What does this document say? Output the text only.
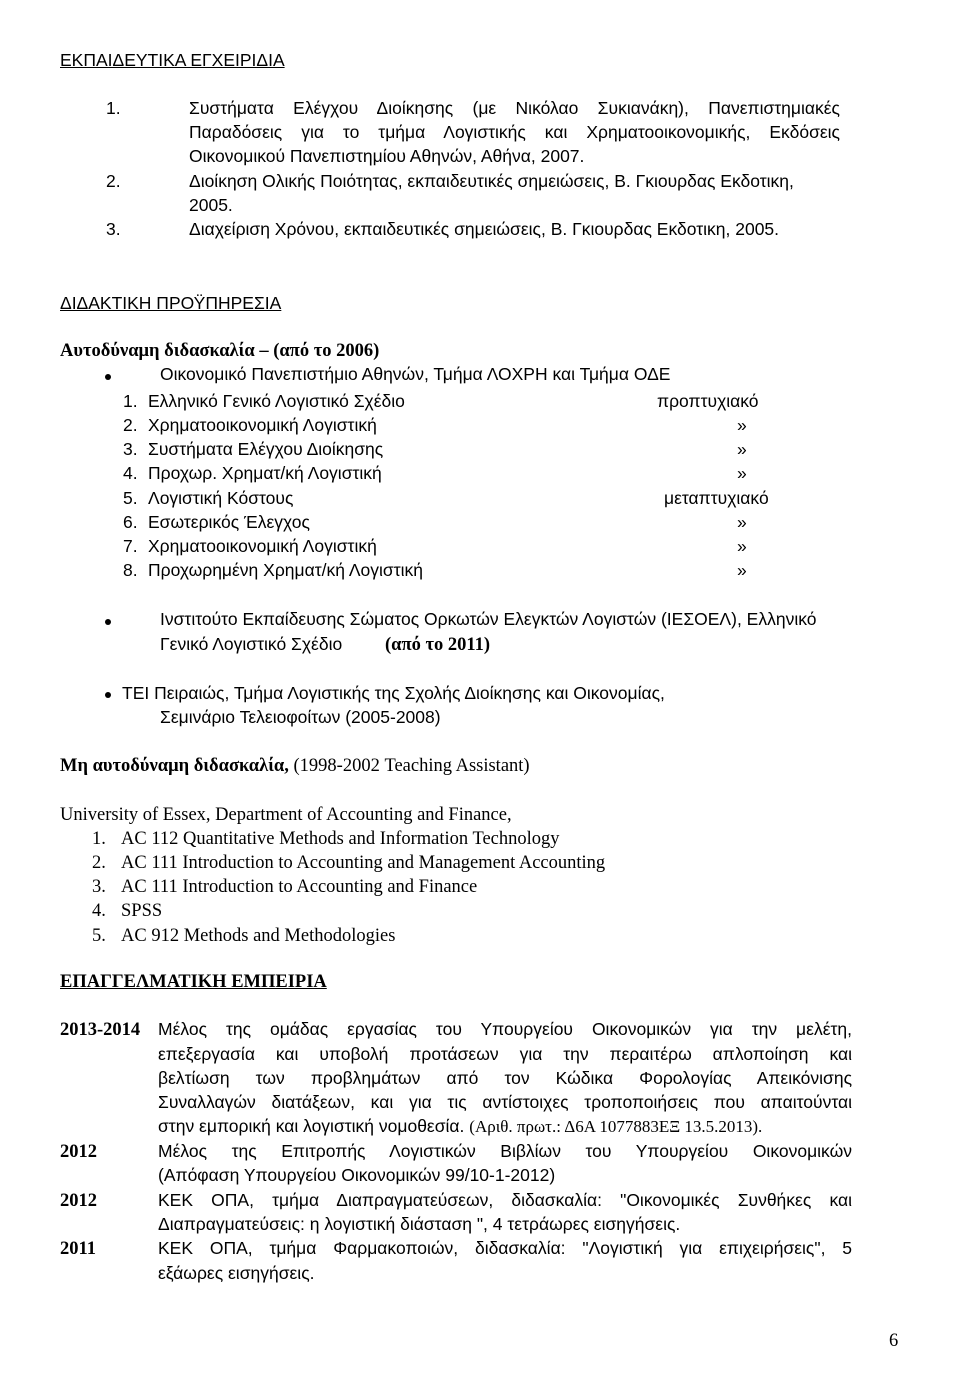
ΕΚΠΑΙΔΕΥΤΙΚΑ ΕΓΧΕΙΡΙΔΙΑ
1.	Συστήματα Ελέγχου Διοίκησης (με Νικόλαο Συκιανάκη), Πανεπιστημιακές
Παραδόσεις για το τμήμα Λογιστικής και Χρηματοοικονομικής, Εκδόσεις
Οικονομικού Πανεπιστημίου Αθηνών, Αθήνα, 2007.
2.	Διοίκηση Ολικής Ποιότητας, εκπαιδευτικές σημειώσεις, Β. Γκιουρδας Εκδοτικη,
2005.
3.	Διαχείριση Χρόνου, εκπαιδευτικές σημειώσεις, Β. Γκιουρδας Εκδοτικη, 2005.
ΔΙΔΑΚΤΙΚΗ ΠΡΟΫΠΗΡΕΣΙΑ
Αυτοδύναμη διδασκαλία – (από το 2006)
Οικονομικό Πανεπιστήμιο Αθηνών, Τμήμα ΛΟΧΡΗ και Τμήμα ΟΔΕ
1. Ελληνικό Γενικό Λογιστικό Σχέδιο	προπτυχιακό
2. Χρηματοοικονομική Λογιστική	»
3. Συστήματα Ελέγχου Διοίκησης	»
4. Προχωρ. Χρηματ/κή Λογιστική	»
5. Λογιστική Κόστους	μεταπτυχιακό
6. Εσωτερικός Έλεγχος	»
7. Χρηματοοικονομική Λογιστική	»
8. Προχωρημένη Χρηματ/κή Λογιστική	»
Ινστιτούτο Εκπαίδευσης Σώματος Ορκωτών Ελεγκτών Λογιστών (ΙΕΣΟΕΛ), Ελληνικό
Γενικό Λογιστικό Σχέδιο (από το 2011)
ΤΕΙ Πειραιώς, Τμήμα Λογιστικής της Σχολής Διοίκησης και Οικονομίας,
Σεμινάριο Τελειοφοίτων (2005-2008)
Μη αυτοδύναμη διδασκαλία, (1998-2002 Teaching Assistant)
University of Essex, Department of Accounting and Finance,
1. AC 112 Quantitative Methods and Information Technology
2. AC 111 Introduction to Accounting and Management Accounting
3. AC 111 Introduction to Accounting and Finance
4. SPSS
5. AC 912 Methods and Methodologies
ΕΠΑΓΓΕΛΜΑΤΙΚΗ ΕΜΠΕΙΡΙΑ
2013-2014 Μέλος της ομάδας εργασίας του Υπουργείου Οικονομικών για την μελέτη,
επεξεργασία και υποβολή προτάσεων για την περαιτέρω απλοποίηση και
βελτίωση των προβλημάτων από τον Κώδικα Φορολογίας Απεικόνισης
Συναλλαγών διατάξεων, και για τις αντίστοιχες τροποποιήσεις που απαιτούνται
στην εμπορική και λογιστική νομοθεσία. (Αριθ. πρωτ.: Δ6Α 1077883ΕΞ 13.5.2013).
2012	Μέλος της Επιτροπής Λογιστικών Βιβλίων του Υπουργείου Οικονομικών
(Απόφαση Υπουργείου Οικονομικών 99/10-1-2012)
2012	ΚΕΚ ΟΠΑ, τμήμα Διαπραγματεύσεων, διδασκαλία: "Οικονομικές Συνθήκες και
Διαπραγματεύσεις: η λογιστική διάσταση ", 4 τετράωρες εισηγήσεις.
2011	ΚΕΚ ΟΠΑ, τμήμα Φαρμακοποιών, διδασκαλία: "Λογιστική για επιχειρήσεις", 5
εξάωρες εισηγήσεις.
6
